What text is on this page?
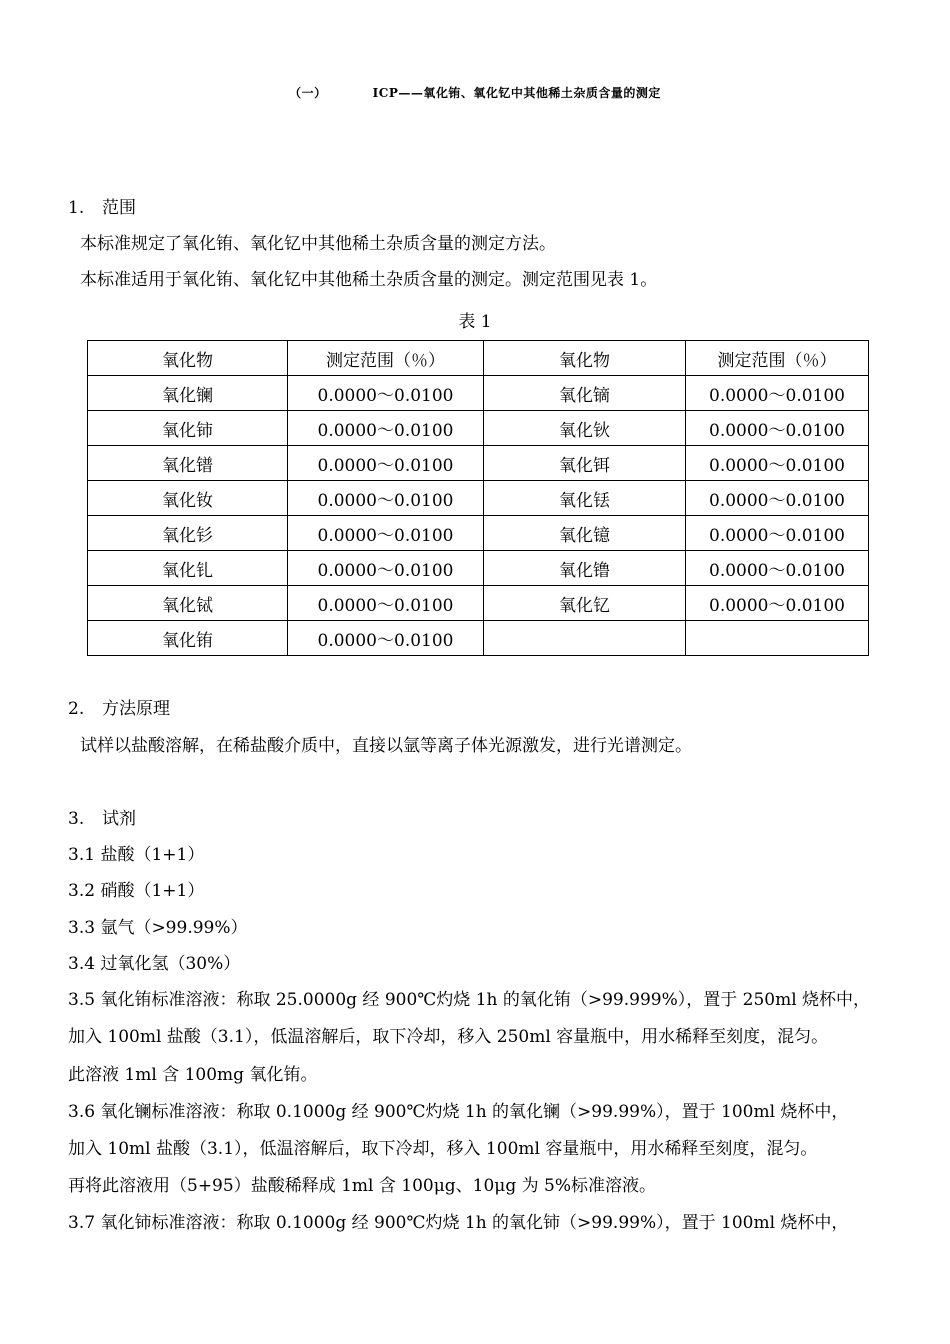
（一）	ICP——氧化铕、氧化钇中其他稀土杂质含量的测定
1. 范围
本标准规定了氧化铕、氧化钇中其他稀土杂质含量的测定方法。
本标准适用于氧化铕、氧化钇中其他稀土杂质含量的测定。测定范围见表 1。
表 1
氧化物	测定范围（％）	氧化物	测定范围（％）
氧化镧	0.0000～0.0100	氧化镝	0.0000～0.0100
氧化铈	0.0000～0.0100	氧化钬	0.0000～0.0100
氧化镨	0.0000～0.0100	氧化铒	0.0000～0.0100
氧化钕	0.0000～0.0100	氧化铥	0.0000～0.0100
氧化钐	0.0000～0.0100	氧化镱	0.0000～0.0100
氧化钆	0.0000～0.0100	氧化镥	0.0000～0.0100
氧化铽	0.0000～0.0100	氧化钇	0.0000～0.0100
氧化铕	0.0000～0.0100		
2. 方法原理
试样以盐酸溶解，在稀盐酸介质中，直接以氩等离子体光源激发，进行光谱测定。
3. 试剂
3.1 盐酸（1+1）
3.2 硝酸（1+1）
3.3 氩气（>99.99%）
3.4 过氧化氢（30%）
3.5 氧化铕标准溶液：称取 25.0000g 经 900℃灼烧 1h 的氧化铕（>99.999%），置于 250ml 烧杯中，
加入 100ml 盐酸（3.1），低温溶解后，取下冷却，移入 250ml 容量瓶中，用水稀释至刻度，混匀。
此溶液 1ml 含 100mg 氧化铕。
3.6 氧化镧标准溶液：称取 0.1000g 经 900℃灼烧 1h 的氧化镧（>99.99%），置于 100ml 烧杯中，
加入 10ml 盐酸（3.1），低温溶解后，取下冷却，移入 100ml 容量瓶中，用水稀释至刻度，混匀。
再将此溶液用（5+95）盐酸稀释成 1ml 含 100μg、10μg 为 5%标准溶液。
3.7 氧化铈标准溶液：称取 0.1000g 经 900℃灼烧 1h 的氧化铈（>99.99%），置于 100ml 烧杯中，
